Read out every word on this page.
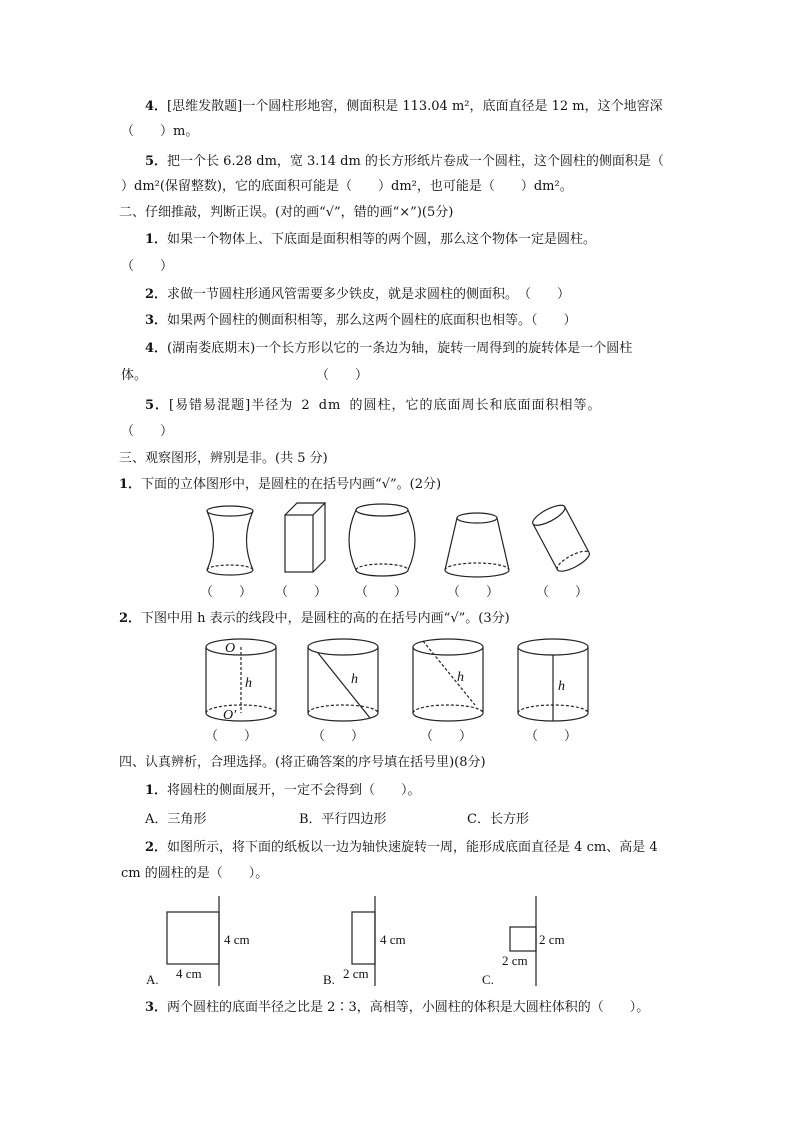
4．[思维发散题]一个圆柱形地窖，侧面积是 113.04 m²，底面直径是 12 m，这个地窖深
（　　）m。
5．把一个长 6.28 dm，宽 3.14 dm 的长方形纸片卷成一个圆柱，这个圆柱的侧面积是（
）dm²(保留整数)，它的底面积可能是（　　）dm²，也可能是（　　）dm²。
二、仔细推敲，判断正误。(对的画“√”，错的画“×”)(5分)
1．如果一个物体上、下底面是面积相等的两个圆，那么这个物体一定是圆柱。
（　　）
2．求做一节圆柱形通风管需要多少铁皮，就是求圆柱的侧面积。　（　　）
3．如果两个圆柱的侧面积相等，那么这两个圆柱的底面积也相等。（　　）
4．(湖南娄底期末)一个长方形以它的一条边为轴，旋转一周得到的旋转体是一个圆柱
体。　　　　　　　　　　　　　　（　　）
5．[易错易混题]半径为 2 dm 的圆柱，它的底面周长和底面面积相等。
（　　）
三、观察图形，辨别是非。(共 5 分)
1．下面的立体图形中，是圆柱的在括号内画“√”。(2分)
（　　） （　　） （　　）	（　　）	（　　）
2．下图中用 h 表示的线段中，是圆柱的高的在括号内画“√”。(3分)
O
O′
h	h	h
h
（　　）	（　　）	（　　）	（　　）
四、认真辨析，合理选择。(将正确答案的序号填在括号里)(8分)
1．将圆柱的侧面展开，一定不会得到（　　）。
A．三角形	B．平行四边形	C．长方形
2．如图所示，将下面的纸板以一边为轴快速旋转一周，能形成底面直径是 4 cm、高是 4
cm 的圆柱的是（　　）。
4 cm
4 cm
A.
4 cm
2 cm
B.
2 cm
2 cm
C.
3．两个圆柱的底面半径之比是 2∶3，高相等，小圆柱的体积是大圆柱体积的（　　）。
